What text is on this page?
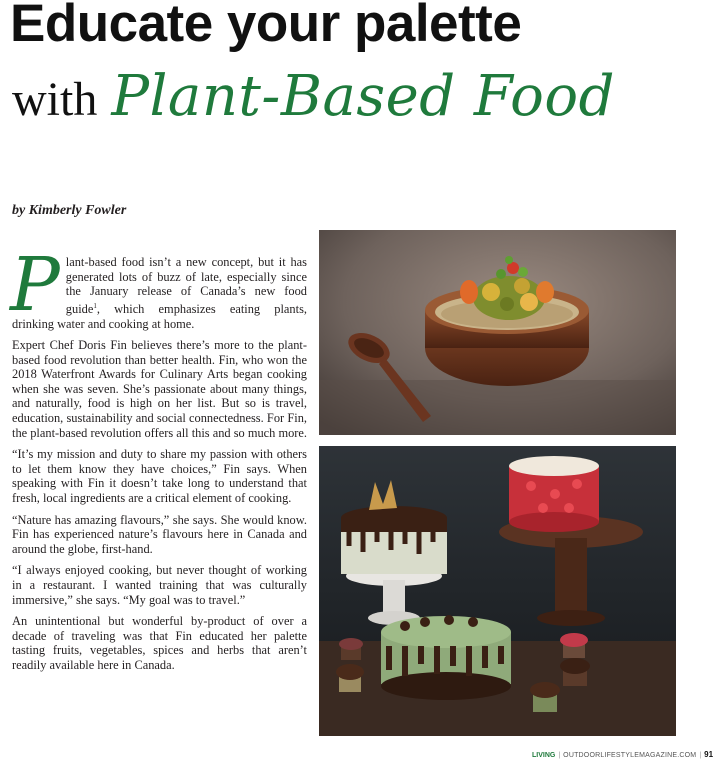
Educate your palette
with Plant-Based Food

by Kimberly Fowler

Plant-based food isn’t a new concept, but it has generated lots of buzz of late, especially since the January release of Canada’s new food guide$^1$, which emphasizes eating plants, drinking water and cooking at home.

Expert Chef Doris Fin believes there’s more to the plant-based food revolution than better health. Fin, who won the 2018 Waterfront Awards for Culinary Arts began cooking when she was seven. She’s passionate about many things, and naturally, food is high on her list. But so is travel, education, sustainability and social connectedness. For Fin, the plant-based revolution offers all this and so much more.

“It’s my mission and duty to share my passion with others to let them know they have choices,” Fin says. When speaking with Fin it doesn’t take long to understand that fresh, local ingredients are a critical element of cooking.

“Nature has amazing flavours,” she says. She would know. Fin has experienced nature’s flavours here in Canada and around the globe, first-hand.

“I always enjoyed cooking, but never thought of working in a restaurant. I wanted training that was culturally immersive,” she says. “My goal was to travel.”

An unintentional but wonderful by-product of over a decade of traveling was that Fin educated her palette tasting fruits, vegetables, spices and herbs that aren’t readily available here in Canada.

LIVING | OUTDOORLIFESTYLEMAGAZINE.COM | 91
